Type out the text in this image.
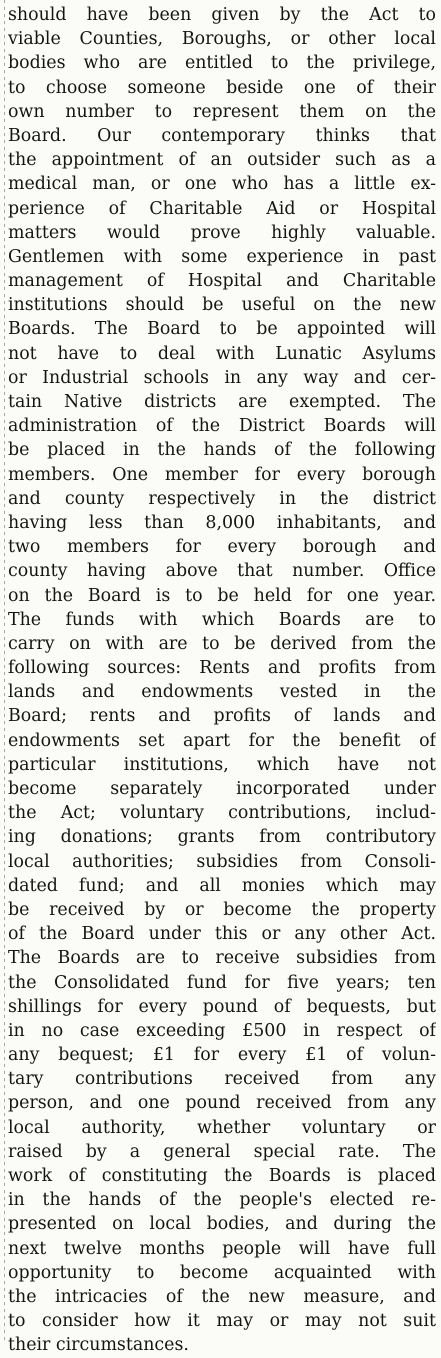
should have been given by the Act to
viable Counties, Boroughs, or other local
bodies who are entitled to the privilege,
to choose someone beside one of their
own number to represent them on the
Board. Our contemporary thinks that
the appointment of an outsider such as a
medical man, or one who has a little ex-
perience of Charitable Aid or Hospital
matters would prove highly valuable.
Gentlemen with some experience in past
management of Hospital and Charitable
institutions should be useful on the new
Boards. The Board to be appointed will
not have to deal with Lunatic Asylums
or Industrial schools in any way and cer-
tain Native districts are exempted. The
administration of the District Boards will
be placed in the hands of the following
members. One member for every borough
and county respectively in the district
having less than 8,000 inhabitants, and
two members for every borough and
county having above that number. Office
on the Board is to be held for one year.
The funds with which Boards are to
carry on with are to be derived from the
following sources: Rents and profits from
lands and endowments vested in the
Board; rents and profits of lands and
endowments set apart for the benefit of
particular institutions, which have not
become separately incorporated under
the Act; voluntary contributions, includ-
ing donations; grants from contributory
local authorities; subsidies from Consoli-
dated fund; and all monies which may
be received by or become the property
of the Board under this or any other Act.
The Boards are to receive subsidies from
the Consolidated fund for five years; ten
shillings for every pound of bequests, but
in no case exceeding £500 in respect of
any bequest; £1 for every £1 of volun-
tary contributions received from any
person, and one pound received from any
local authority, whether voluntary or
raised by a general special rate. The
work of constituting the Boards is placed
in the hands of the people's elected re-
presented on local bodies, and during the
next twelve months people will have full
opportunity to become acquainted with
the intricacies of the new measure, and
to consider how it may or may not suit
their circumstances.
